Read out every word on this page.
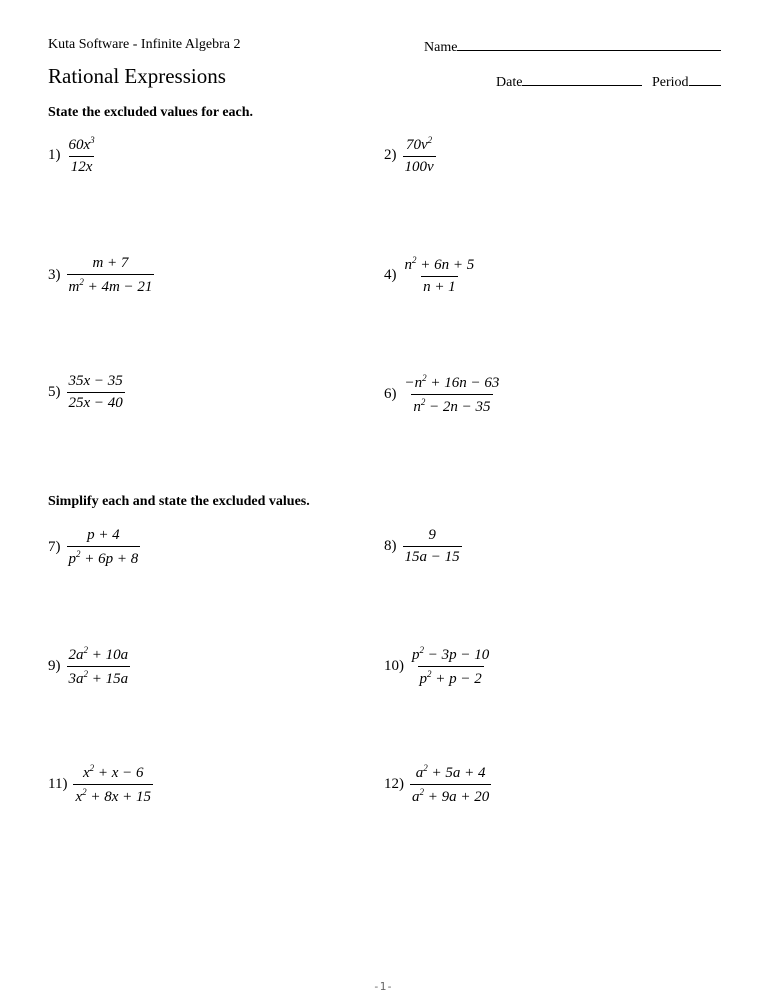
Kuta Software - Infinite Algebra 2	Name
Rational Expressions	Date	Period
State the excluded values for each.
Simplify each and state the excluded values.
$1) \frac{60x^3}{12x}$	$2) \frac{70v^2}{100v}$
$3) \frac{m + 7}{m^2 + 4m - 21}$	$4) \frac{n^2 + 6n + 5}{n + 1}$
$5) \frac{35x - 35}{25x - 40}$	$6) \frac{-n^2 + 16n - 63}{n^2 - 2n - 35}$
$7) \frac{p + 4}{p^2 + 6p + 8}$	$8) \frac{9}{15a - 15}$
$9) \frac{2a^2 + 10a}{3a^2 + 15a}$	$10) \frac{p^2 - 3p - 10}{p^2 + p - 2}$
$11) \frac{x^2 + x - 6}{x^2 + 8x + 15}$	$12) \frac{a^2 + 5a + 4}{a^2 + 9a + 20}$
-1-
